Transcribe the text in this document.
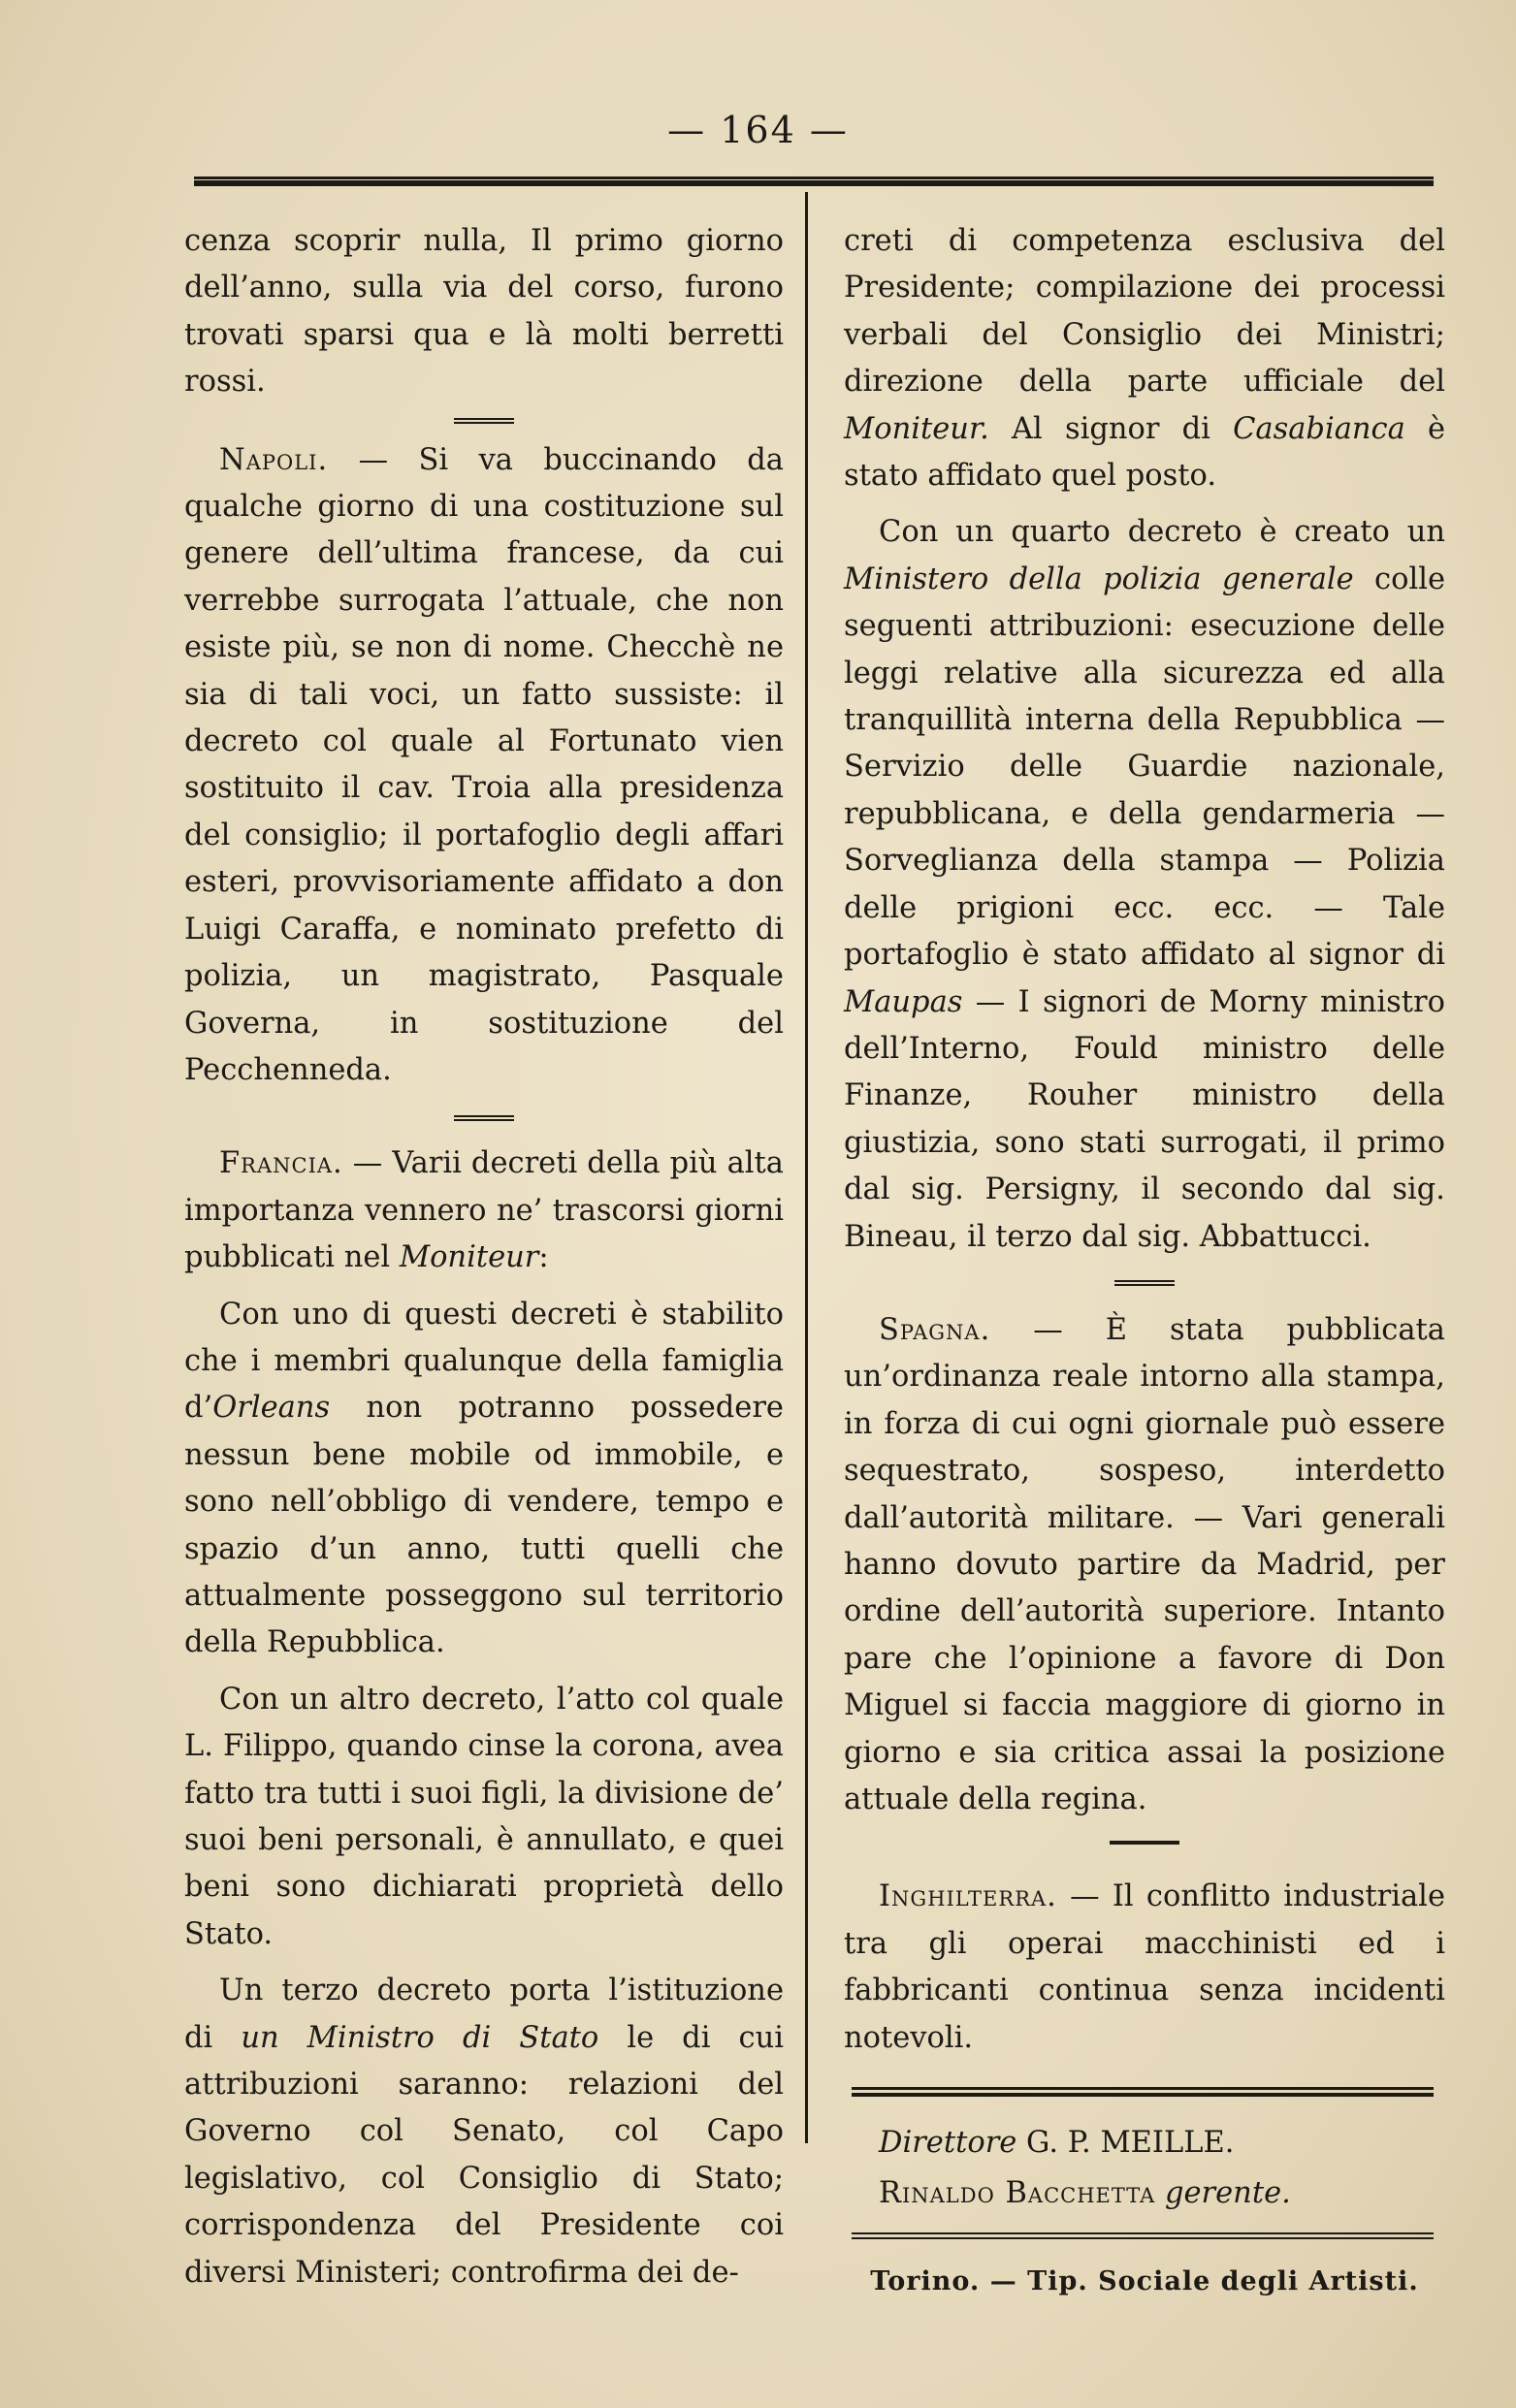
— 164 —

cenza scoprir nulla, Il primo giorno dell’anno, sulla via del corso, furono trovati sparsi qua e là molti berretti rossi.

Napoli. — Si va buccinando da qualche giorno di una costituzione sul genere dell’ultima francese, da cui verrebbe surrogata l’attuale, che non esiste più, se non di nome. Checchè ne sia di tali voci, un fatto sussiste: il decreto col quale al Fortunato vien sostituito il cav. Troia alla presidenza del consiglio; il portafoglio degli affari esteri, provvisoriamente affidato a don Luigi Caraffa, e nominato prefetto di polizia, un magistrato, Pasquale Governa, in sostituzione del Pecchenneda.

Francia. — Varii decreti della più alta importanza vennero ne’ trascorsi giorni pubblicati nel Moniteur:

Con uno di questi decreti è stabilito che i membri qualunque della famiglia d’Orleans non potranno possedere nessun bene mobile od immobile, e sono nell’obbligo di vendere, tempo e spazio d’un anno, tutti quelli che attualmente posseggono sul territorio della Repubblica.

Con un altro decreto, l’atto col quale L. Filippo, quando cinse la corona, avea fatto tra tutti i suoi figli, la divisione de’ suoi beni personali, è annullato, e quei beni sono dichiarati proprietà dello Stato.

Un terzo decreto porta l’istituzione di un Ministro di Stato le di cui attribuzioni saranno: relazioni del Governo col Senato, col Capo legislativo, col Consiglio di Stato; corrispondenza del Presidente coi diversi Ministeri; controfirma dei de-

creti di competenza esclusiva del Presidente; compilazione dei processi verbali del Consiglio dei Ministri; direzione della parte ufficiale del Moniteur. Al signor di Casabianca è stato affidato quel posto.

Con un quarto decreto è creato un Ministero della polizia generale colle seguenti attribuzioni: esecuzione delle leggi relative alla sicurezza ed alla tranquillità interna della Repubblica — Servizio delle Guardie nazionale, repubblicana, e della gendarmeria — Sorveglianza della stampa — Polizia delle prigioni ecc. ecc. — Tale portafoglio è stato affidato al signor di Maupas — I signori de Morny ministro dell’Interno, Fould ministro delle Finanze, Rouher ministro della giustizia, sono stati surrogati, il primo dal sig. Persigny, il secondo dal sig. Bineau, il terzo dal sig. Abbattucci.

Spagna. — È stata pubblicata un’ordinanza reale intorno alla stampa, in forza di cui ogni giornale può essere sequestrato, sospeso, interdetto dall’autorità militare. — Vari generali hanno dovuto partire da Madrid, per ordine dell’autorità superiore. Intanto pare che l’opinione a favore di Don Miguel si faccia maggiore di giorno in giorno e sia critica assai la posizione attuale della regina.

Inghilterra. — Il conflitto industriale tra gli operai macchinisti ed i fabbricanti continua senza incidenti notevoli.

Direttore G. P. MEILLE.

Rinaldo Bacchetta gerente.

Torino. — Tip. Sociale degli Artisti.
